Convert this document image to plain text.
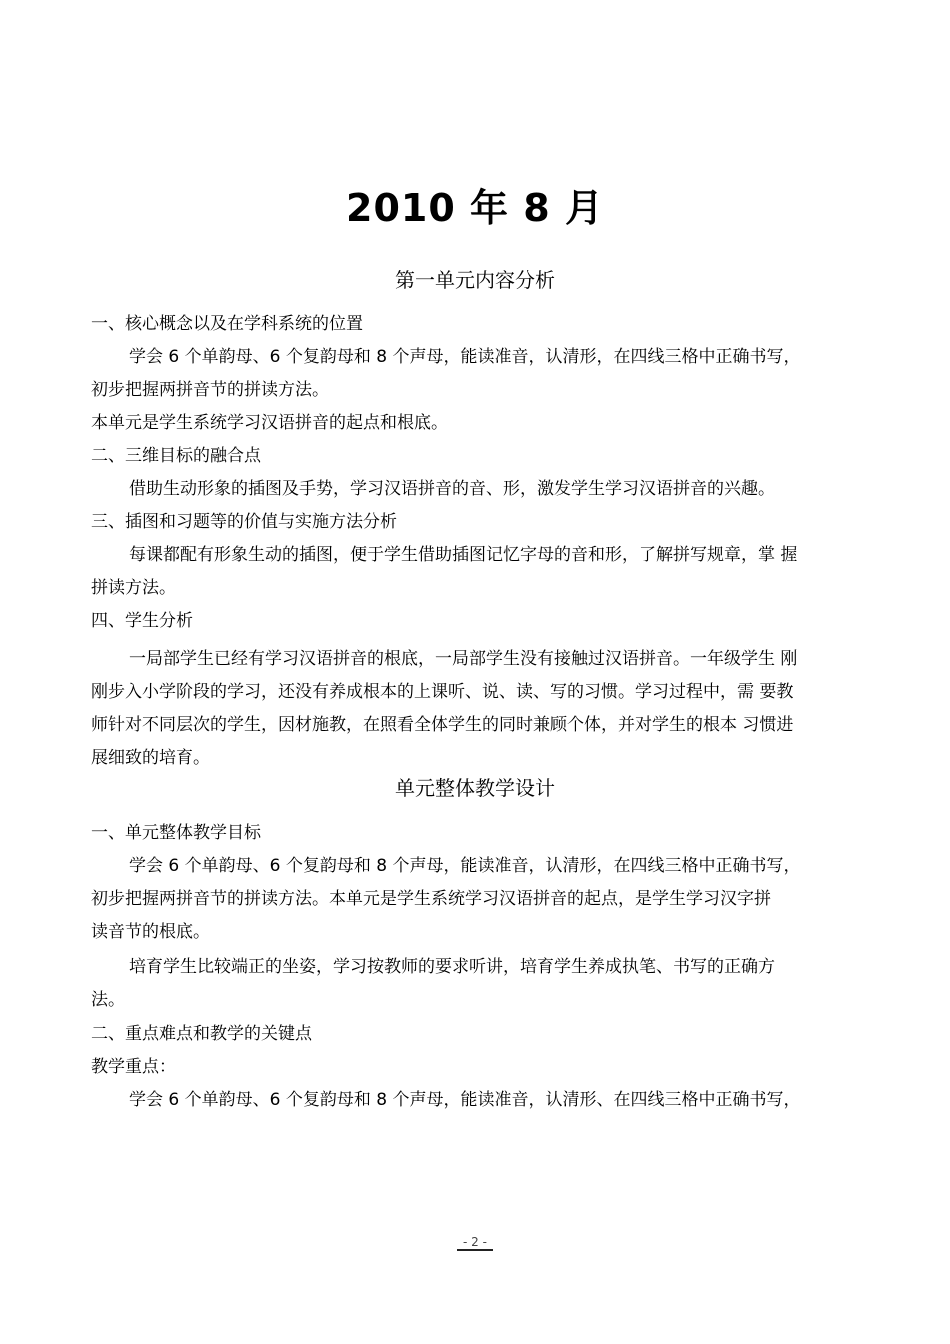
2010 年 8 月
第一单元内容分析
一、核心概念以及在学科系统的位置
学会 6 个单韵母、6 个复韵母和 8 个声母，能读准音，认清形，在四线三格中正确书写，
初步把握两拼音节的拼读方法。
本单元是学生系统学习汉语拼音的起点和根底。
二、三维目标的融合点
借助生动形象的插图及手势，学习汉语拼音的音、形，激发学生学习汉语拼音的兴趣。
三、插图和习题等的价值与实施方法分析
每课都配有形象生动的插图，便于学生借助插图记忆字母的音和形，了解拼写规章，掌 握
拼读方法。
四、学生分析
一局部学生已经有学习汉语拼音的根底，一局部学生没有接触过汉语拼音。一年级学生 刚
刚步入小学阶段的学习，还没有养成根本的上课听、说、读、写的习惯。学习过程中，需 要教
师针对不同层次的学生，因材施教，在照看全体学生的同时兼顾个体，并对学生的根本 习惯进
展细致的培育。
单元整体教学设计
一、单元整体教学目标
学会 6 个单韵母、6 个复韵母和 8 个声母，能读准音，认清形，在四线三格中正确书写，
初步把握两拼音节的拼读方法。本单元是学生系统学习汉语拼音的起点，是学生学习汉字拼
读音节的根底。
培育学生比较端正的坐姿，学习按教师的要求听讲，培育学生养成执笔、书写的正确方
法。
二、重点难点和教学的关键点
教学重点：
学会 6 个单韵母、6 个复韵母和 8 个声母，能读准音，认清形、在四线三格中正确书写，
- 2 -
